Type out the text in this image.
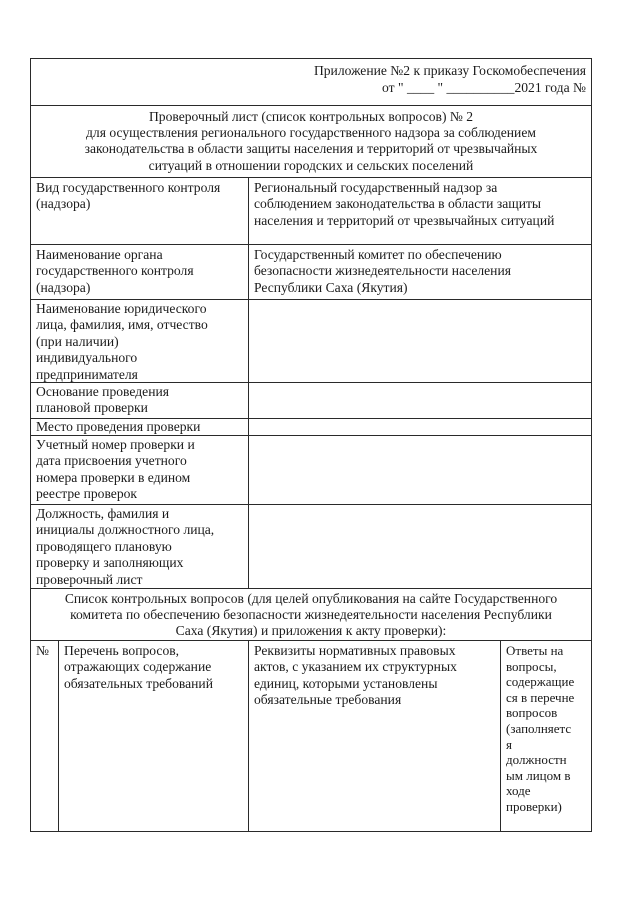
Приложение №2 к приказу Госкомобеспечения
от " ____ " __________2021 года №
Проверочный лист (список контрольных вопросов) № 2
для осуществления регионального государственного надзора за соблюдением
законодательства в области защиты населения и территорий от чрезвычайных
ситуаций в отношении городских и сельских поселений
Вид государственного контроля
(надзора)
Региональный государственный надзор за
соблюдением законодательства в области защиты
населения и территорий от чрезвычайных ситуаций
Наименование органа
государственного контроля
(надзора)
Государственный комитет по обеспечению
безопасности жизнедеятельности населения
Республики Саха (Якутия)
Наименование юридического
лица, фамилия, имя, отчество
(при наличии)
индивидуального
предпринимателя
Основание проведения
плановой проверки
Место проведения проверки
Учетный номер проверки и
дата присвоения учетного
номера проверки в едином
реестре проверок
Должность, фамилия и
инициалы должностного лица,
проводящего плановую
проверку и заполняющих
проверочный лист
Список контрольных вопросов (для целей опубликования на сайте Государственного
комитета по обеспечению безопасности жизнедеятельности населения Республики
Саха (Якутия) и приложения к акту проверки):
№	Перечень вопросов,
отражающих содержание
обязательных требований
Реквизиты нормативных правовых
актов, с указанием их структурных
единиц, которыми установлены
обязательные требования
Ответы на
вопросы,
содержащие
ся в перечне
вопросов
(заполняетс
я
должностн
ым лицом в
ходе
проверки)
